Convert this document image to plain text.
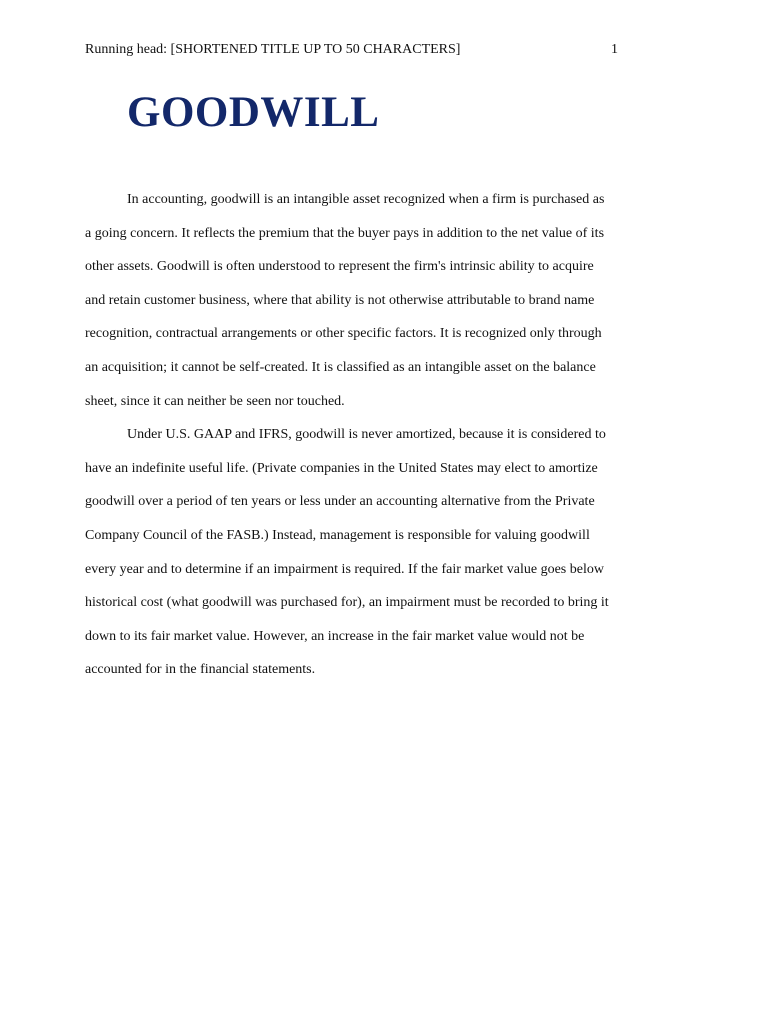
Running head: [SHORTENED TITLE UP TO 50 CHARACTERS]	1
GOODWILL

In accounting, goodwill is an intangible asset recognized when a firm is purchased as
a going concern. It reflects the premium that the buyer pays in addition to the net value of its
other assets. Goodwill is often understood to represent the firm's intrinsic ability to acquire
and retain customer business, where that ability is not otherwise attributable to brand name
recognition, contractual arrangements or other specific factors. It is recognized only through
an acquisition; it cannot be self-created. It is classified as an intangible asset on the balance
sheet, since it can neither be seen nor touched.

Under U.S. GAAP and IFRS, goodwill is never amortized, because it is considered to
have an indefinite useful life. (Private companies in the United States may elect to amortize
goodwill over a period of ten years or less under an accounting alternative from the Private
Company Council of the FASB.) Instead, management is responsible for valuing goodwill
every year and to determine if an impairment is required. If the fair market value goes below
historical cost (what goodwill was purchased for), an impairment must be recorded to bring it
down to its fair market value. However, an increase in the fair market value would not be
accounted for in the financial statements.
